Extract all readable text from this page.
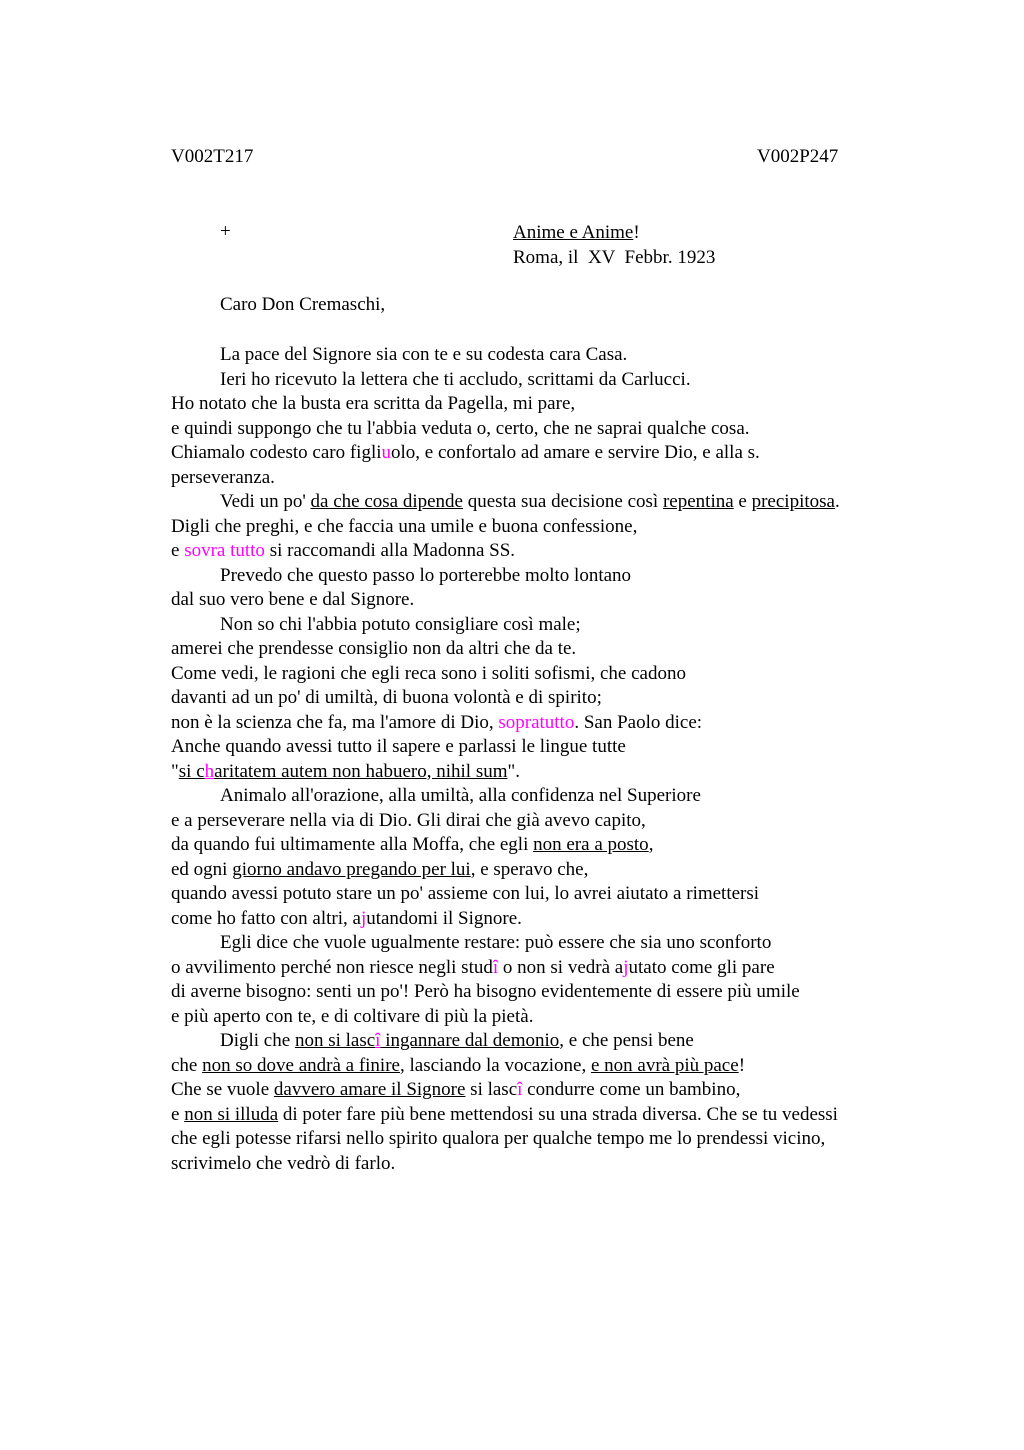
V002T217	V002P247
+	Anime e Anime!
Roma, il  XV  Febbr. 1923
Caro Don Cremaschi,
La pace del Signore sia con te e su codesta cara Casa.
Ieri ho ricevuto la lettera che ti accludo, scrittami da Carlucci.
Ho notato che la busta era scritta da Pagella, mi pare,
e quindi suppongo che tu l'abbia veduta o, certo, che ne saprai qualche cosa.
Chiamalo codesto caro figliuolo, e confortalo ad amare e servire Dio, e alla s.
perseveranza.
Vedi un po' da che cosa dipende questa sua decisione così repentina e precipitosa.
Digli che preghi, e che faccia una umile e buona confessione,
e sovra tutto si raccomandi alla Madonna SS.
Prevedo che questo passo lo porterebbe molto lontano
dal suo vero bene e dal Signore.
Non so chi l'abbia potuto consigliare così male;
amerei che prendesse consiglio non da altri che da te.
Come vedi, le ragioni che egli reca sono i soliti sofismi, che cadono
davanti ad un po' di umiltà, di buona volontà e di spirito;
non è la scienza che fa, ma l'amore di Dio, sopratutto. San Paolo dice:
Anche quando avessi tutto il sapere e parlassi le lingue tutte
"si charitatem autem non habuero, nihil sum".
Animalo all'orazione, alla umiltà, alla confidenza nel Superiore
e a perseverare nella via di Dio. Gli dirai che già avevo capito,
da quando fui ultimamente alla Moffa, che egli non era a posto,
ed ogni giorno andavo pregando per lui, e speravo che,
quando avessi potuto stare un po' assieme con lui, lo avrei aiutato a rimettersi
come ho fatto con altri, ajutandomi il Signore.
Egli dice che vuole ugualmente restare: può essere che sia uno sconforto
o avvilimento perché non riesce negli studî o non si vedrà ajutato come gli pare
di averne bisogno: senti un po'! Però ha bisogno evidentemente di essere più umile
e più aperto con te, e di coltivare di più la pietà.
Digli che non si lascî ingannare dal demonio, e che pensi bene
che non so dove andrà a finire, lasciando la vocazione, e non avrà più pace!
Che se vuole davvero amare il Signore si lascî condurre come un bambino,
e non si illuda di poter fare più bene mettendosi su una strada diversa. Che se tu vedessi
che egli potesse rifarsi nello spirito qualora per qualche tempo me lo prendessi vicino,
scrivimelo che vedrò di farlo.
